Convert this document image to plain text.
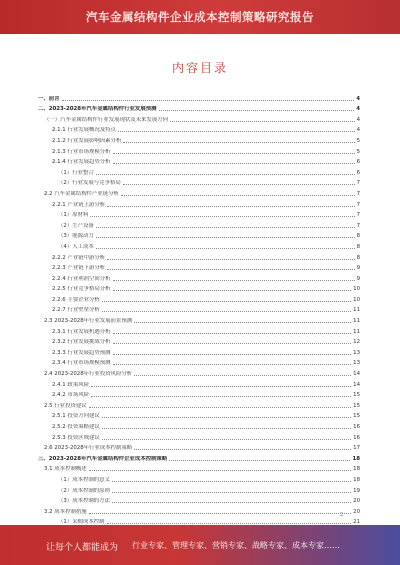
汽车金属结构件企业成本控制策略研究报告
内容目录
一、前言	4
二、2023-2028年汽车金属结构件行业发展预测	4
（一）汽车金属结构件行业发展现状及未来发展方向	4
2.1.1 行业发展概况及特点	4
2.1.2 行业发展影响因素分析	5
2.1.3 行业市场规模分析	5
2.1.4 行业发展趋势分析	6
（1）行业整合	6
（2）行业发展与竞争格局	7
2.2 汽车金属结构件产业链分析	7
2.2.1 产业链上游分析	7
（1）原材料	7
（2）生产设备	7
（3）能源动力	8
（4）人工成本	8
2.2.2 产业链中游分析	8
2.2.3 产业链下游分析	9
2.2.4 行业利润空间分析	9
2.2.5 行业竞争格局分析	10
2.2.6 主要企业分析	10
2.2.7 行业壁垒分析	11
2.3 2023-2028年行业发展前景预测	11
2.3.1 行业发展机遇分析	11
2.3.2 行业发展挑战分析	12
2.3.3 行业发展趋势预测	13
2.3.4 行业市场规模预测	13
2.4 2023-2028年行业投资风险分析	14
2.4.1 政策风险	14
2.4.2 市场风险	15
2.5 行业投资建议	15
2.5.1 投资方向建议	15
2.5.2 投资策略建议	16
2.5.3 投资区域建议	16
2.6 2023-2028年行业成本控制策略	17
三、2023-2028年汽车金属结构件企业成本控制策略	18
3.1 成本控制概述	18
（1）成本控制的意义	18
（2）成本控制的原则	19
（3）成本控制的方法	20
3.2 成本控制措施	20
（1）采购成本控制	21
2
让每个人都能成为 行业专家、管理专家、营销专家、战略专家、成本专家……
